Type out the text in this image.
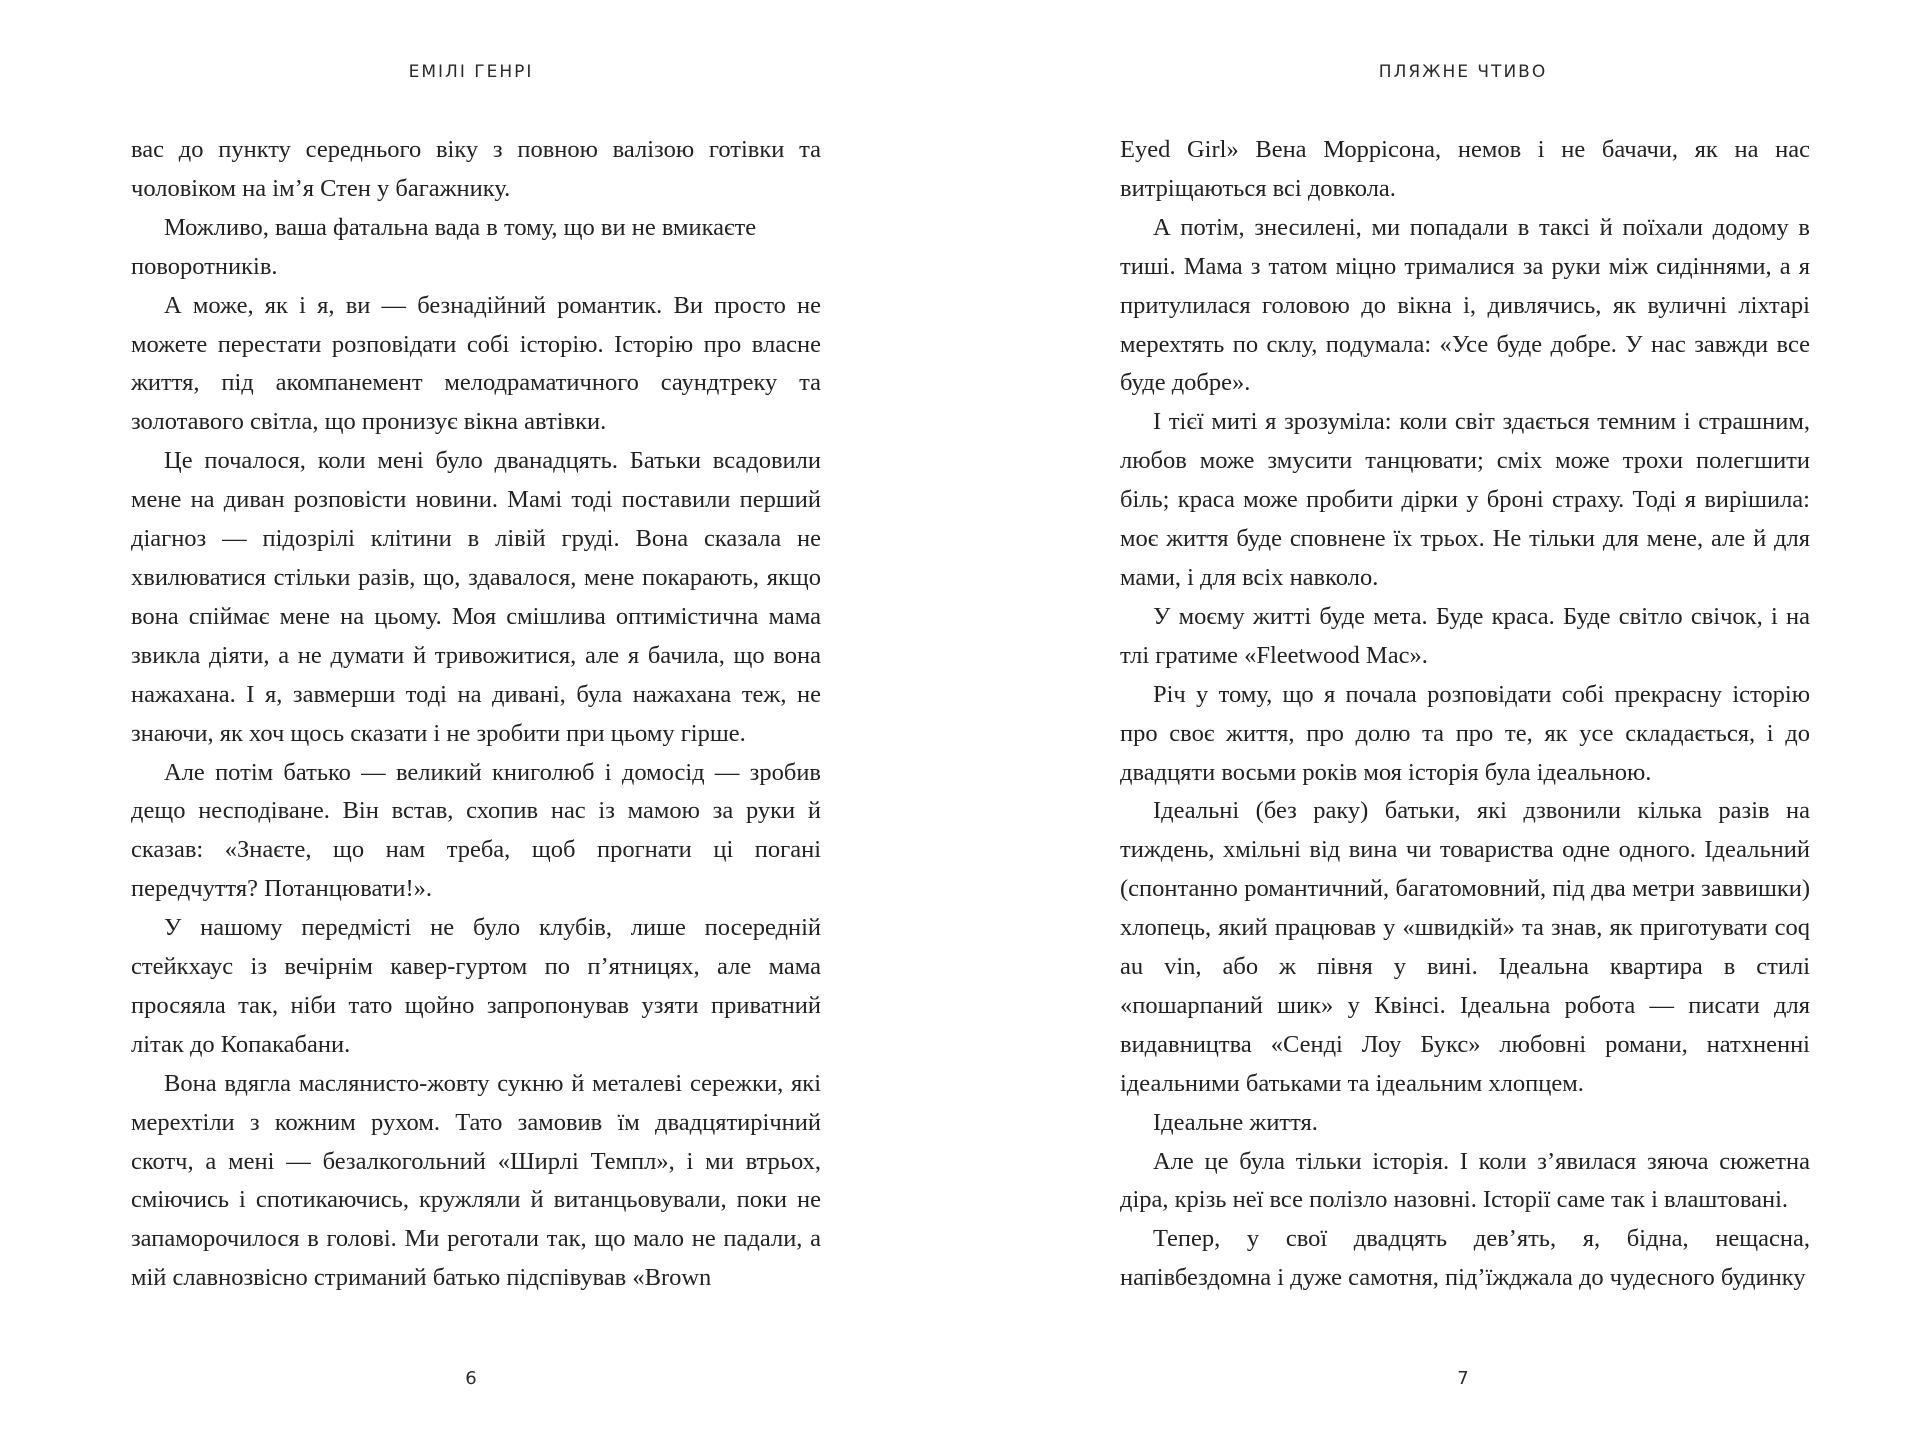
ЕМІЛІ ГЕНРІ

вас до пункту середнього віку з повною валізою готівки та чоловіком на ім’я Стен у багажнику.

Можливо, ваша фатальна вада в тому, що ви не вмикаєте поворотників.

А може, як і я, ви — безнадійний романтик. Ви просто не можете перестати розповідати собі історію. Історію про власне життя, під акомпанемент мелодраматичного саундтреку та золотавого світла, що пронизує вікна автівки.

Це почалося, коли мені було дванадцять. Батьки всадовили мене на диван розповісти новини. Мамі тоді поставили перший діагноз — підозрілі клітини в лівій груді. Вона сказала не хвилюватися стільки разів, що, здавалося, мене покарають, якщо вона спіймає мене на цьому. Моя смішлива оптимістична мама звикла діяти, а не думати й тривожитися, але я бачила, що вона нажахана. І я, завмерши тоді на дивані, була нажахана теж, не знаючи, як хоч щось сказати і не зробити при цьому гірше.

Але потім батько — великий книголюб і домосід — зробив дещо несподіване. Він встав, схопив нас із мамою за руки й сказав: «Знаєте, що нам треба, щоб прогнати ці погані передчуття? Потанцювати!».

У нашому передмісті не було клубів, лише посередній стейкхаус із вечірнім кавер-гуртом по п’ятницях, але мама просяяла так, ніби тато щойно запропонував узяти приватний літак до Копакабани.

Вона вдягла маслянисто-жовту сукню й металеві сережки, які мерехтіли з кожним рухом. Тато замовив їм двадцятирічний скотч, а мені — безалкогольний «Ширлі Темпл», і ми втрьох, сміючись і спотикаючись, кружляли й витанцьовували, поки не запаморочилося в голові. Ми реготали так, що мало не падали, а мій славнозвісно стриманий батько підспівував «Brown

6
ПЛЯЖНЕ ЧТИВО

Eyed Girl» Вена Моррісона, немов і не бачачи, як на нас витріщаються всі довкола.

А потім, знесилені, ми попадали в таксі й поїхали додому в тиші. Мама з татом міцно трималися за руки між сидіннями, а я притулилася головою до вікна і, дивлячись, як вуличні ліхтарі мерехтять по склу, подумала: «Усе буде добре. У нас завжди все буде добре».

І тієї миті я зрозуміла: коли світ здається темним і страшним, любов може змусити танцювати; сміх може трохи полегшити біль; краса може пробити дірки у броні страху. Тоді я вирішила: моє життя буде сповнене їх трьох. Не тільки для мене, але й для мами, і для всіх навколо.

У моєму житті буде мета. Буде краса. Буде світло свічок, і на тлі гратиме «Fleetwood Mac».

Річ у тому, що я почала розповідати собі прекрасну історію про своє життя, про долю та про те, як усе складається, і до двадцяти восьми років моя історія була ідеальною.

Ідеальні (без раку) батьки, які дзвонили кілька разів на тиждень, хмільні від вина чи товариства одне одного. Ідеальний (спонтанно романтичний, багатомовний, під два метри заввишки) хлопець, який працював у «швидкій» та знав, як приготувати coq au vin, або ж півня у вині. Ідеальна квартира в стилі «пошарпаний шик» у Квінсі. Ідеальна робота — писати для видавництва «Сенді Лоу Букс» любовні романи, натхненні ідеальними батьками та ідеальним хлопцем.

Ідеальне життя.

Але це була тільки історія. І коли з’явилася зяюча сюжетна діра, крізь неї все полізло назовні. Історії саме так і влаштовані.

Тепер, у свої двадцять дев’ять, я, бідна, нещасна, напівбездомна і дуже самотня, під’їжджала до чудесного будинку

7
